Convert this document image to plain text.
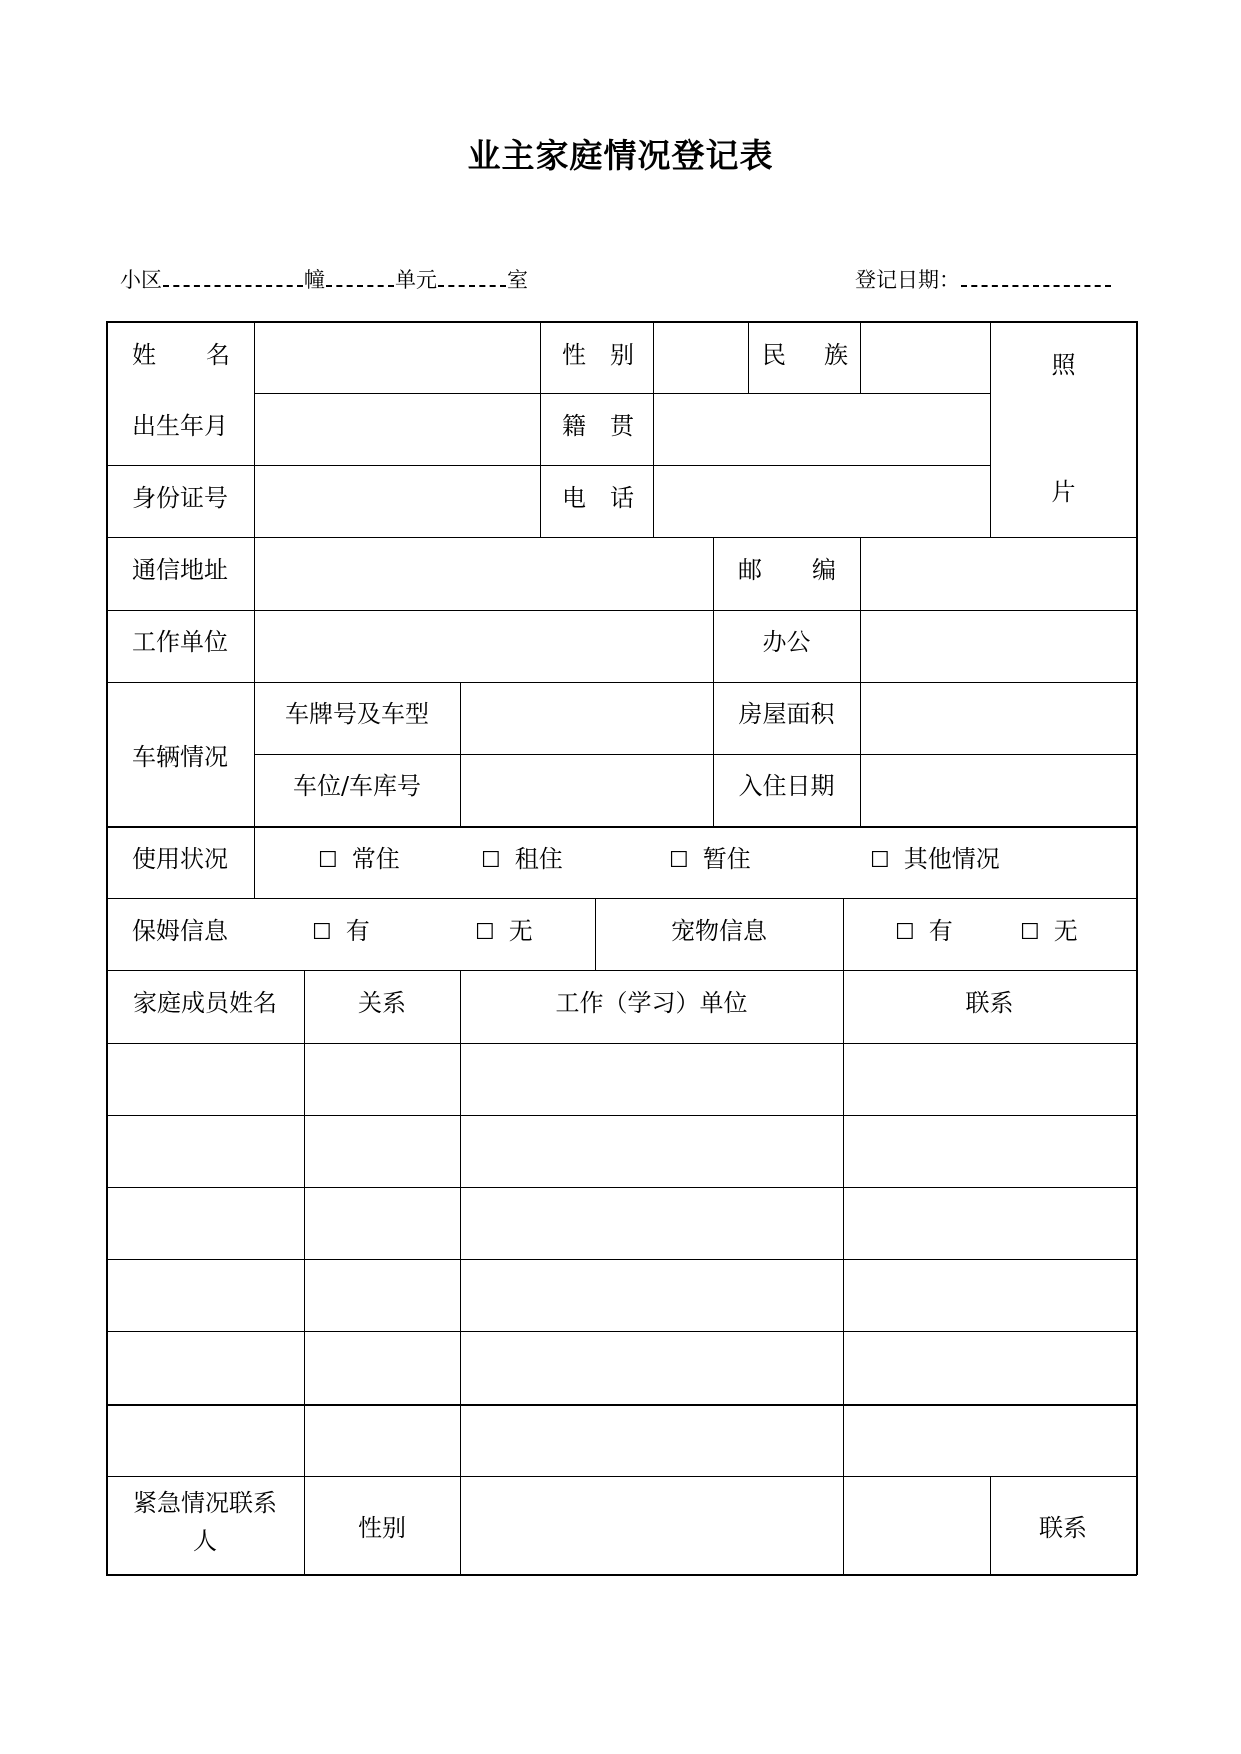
业主家庭情况登记表
小区	幢	单元	室	登记日期：
姓 名	性 别	民 族	照
片
出生年月	籍 贯
身份证号	电 话
通信地址	邮 编
工作单位	办公
车辆情况
车牌号及车型	房屋面积
车位/车库号	入住日期
使用状况	☐ 常住	☐ 租住	☐ 暂住	☐ 其他情况
保姆信息	☐ 有	☐ 无	宠物信息	☐ 有	☐ 无
家庭成员姓名	关系	工作（学习）单位	联系
紧急情况联系
人	性别	联系
